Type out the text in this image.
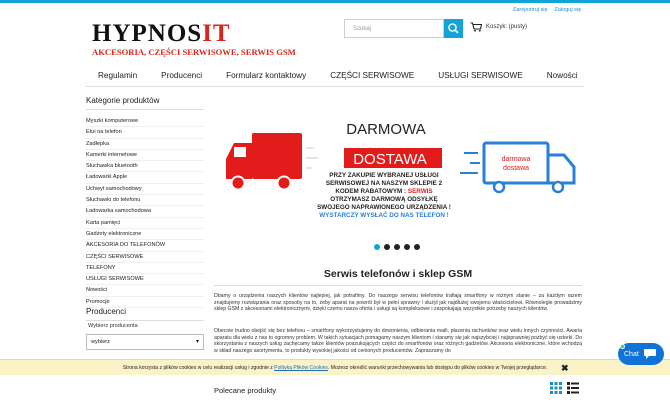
HYPNOSIT
AKCESORIA, CZĘŚCI SERWISOWE, SERWIS GSM
Zarejestruj się Zaloguj się
Szukaj	Koszyk: (pusty)
Regulamin	Producenci	Formularz kontaktowy	CZĘŚCI SERWISOWE	USŁUGI SERWISOWE	Nowości
Kategorie produktów
Myszki komputerowe
Etui na telefon
Zadłepka
Kamerki internetowe
Słuchawka bluetooth
Ładowarki Apple
Uchwyt samochodowy
Słuchawki do telefonu
Ładowarka samochodowa
Karta pamięci
Gadżety elektroniczne
AKCESORIA DO TELEFONÓW
CZĘŚCI SERWISOWE
TELEFONY
USŁUGI SERWISOWE
Nowości
Promocje
Producenci
Wybierz producenta
wybierz	▾
DARMOWA
DOSTAWA
PRZY ZAKUPIE WYBRANEJ USŁUGI
SERWISOWEJ NA NASZYM SKLEPIE 2
KODEM RABATOWYM : SERWIS
OTRZYMASZ DARMOWĄ ODSYŁKĘ
SWOJEGO NAPRAWIONEGO URZĄDZENIA !
WYSTARCZY WYSŁAĆ DO NAS TELEFON !
darmowa
dostawa
Serwis telefonów i sklep GSM
Dbamy o urządzenia naszych klientów najlepiej, jak potrafimy. Do naszego serwisu telefonów trafiają smartfony w różnym stanie – za każdym razem znajdujemy rozwiązania oraz sposoby na to, żeby aparat na powrót był w pełni sprawny i służył jak najdłużej swojemu właścicielowi. Równolegle prowadzimy sklep GSM z akcesoriami elektronicznymi, dzięki czemu nasza oferta i usługi są kompleksowe i zaspokajają wszystkie potrzeby naszych klientów.
Obecnie trudno obejść się bez telefonu – smartfony wykorzystujemy do dzwonienia, odbierania maili, płacenia rachunków oraz wielu innych czynności. Awaria aparatu dla wielu z nas to ogromny problem. W takich sytuacjach pomagamy naszym klientom i staramy się jak najszybciej i najsprawniej pozbyć się usterki. Do skorzystania z naszych usług zachęcamy także klientów poszukujących części do smartfonów oraz różnych gadżetów. Akcesoria elektroniczne, które wchodzą w skład naszego asortymentu, to produkty wysokiej jakości od cenionych producentów. Zapraszamy do
Polecane produkty
Strona korzysta z plików cookies w celu realizacji usług i zgodnie z Polityką Plików Cookies. Możesz określić warunki przechowywania lub dostępu do plików cookies w Twojej przeglądarce. ✖
Chat
